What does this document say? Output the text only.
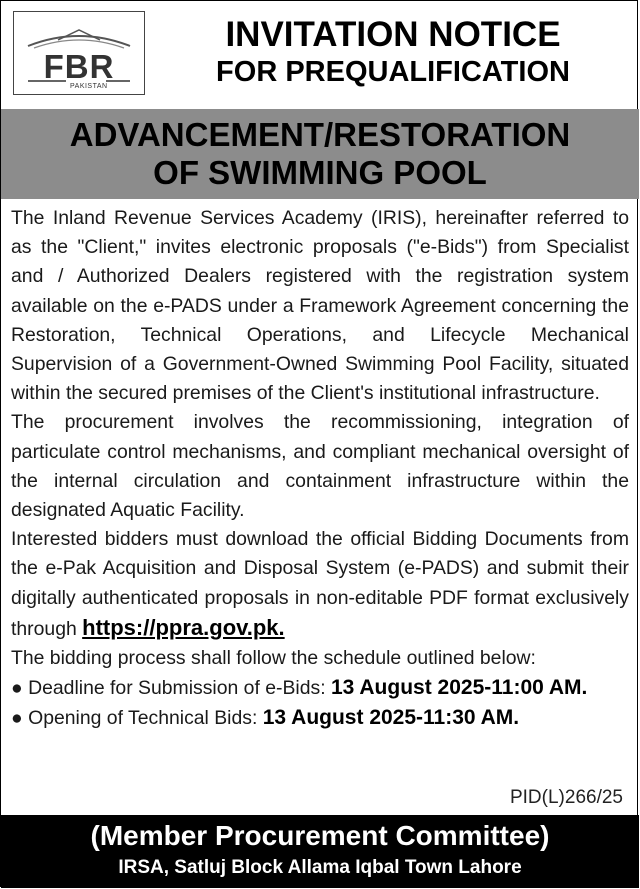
FBR
PAKISTAN
INVITATION NOTICE
FOR PREQUALIFICATION
ADVANCEMENT/RESTORATION
OF SWIMMING POOL

The Inland Revenue Services Academy (IRIS), hereinafter referred to as the "Client," invites electronic proposals ("e-Bids") from Specialist and / Authorized Dealers registered with the registration system available on the e-PADS under a Framework Agreement concerning the Restoration, Technical Operations, and Lifecycle Mechanical Supervision of a Government-Owned Swimming Pool Facility, situated within the secured premises of the Client's institutional infrastructure.

The procurement involves the recommissioning, integration of particulate control mechanisms, and compliant mechanical oversight of the internal circulation and containment infrastructure within the designated Aquatic Facility.

Interested bidders must download the official Bidding Documents from the e-Pak Acquisition and Disposal System (e-PADS) and submit their digitally authenticated proposals in non-editable PDF format exclusively through https://ppra.gov.pk.

The bidding process shall follow the schedule outlined below:

● Deadline for Submission of e-Bids: 13 August 2025-11:00 AM.

● Opening of Technical Bids: 13 August 2025-11:30 AM.

PID(L)266/25
(Member Procurement Committee)
IRSA, Satluj Block Allama Iqbal Town Lahore
